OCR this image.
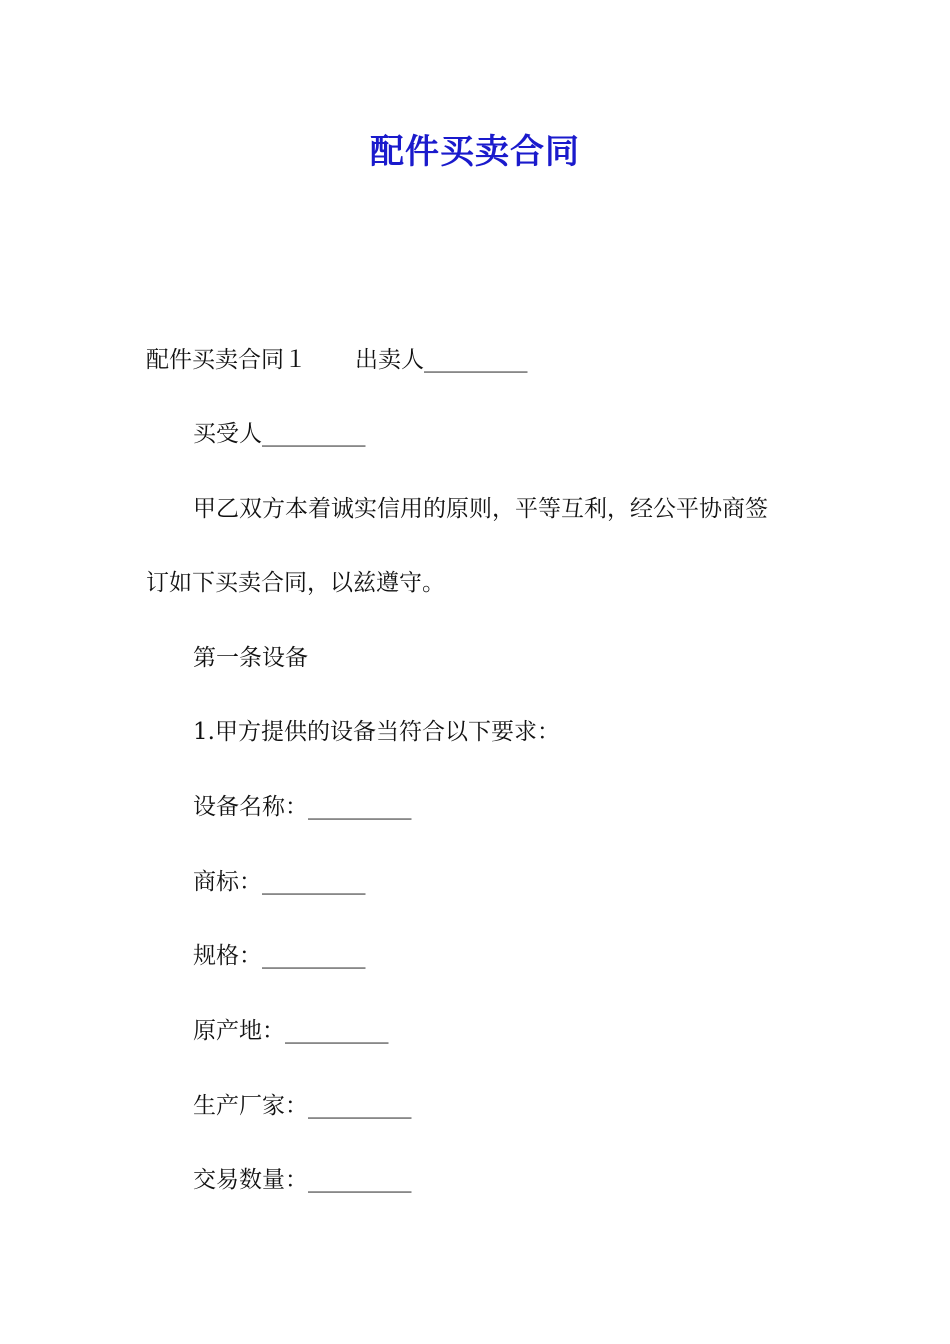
配件买卖合同
配件买卖合同１ 出卖人_________
买受人_________
甲乙双方本着诚实信用的原则，平等互利，经公平协商签
订如下买卖合同，以兹遵守。
第一条设备
1.甲方提供的设备当符合以下要求：
设备名称：_________
商标：_________
规格：_________
原产地：_________
生产厂家：_________
交易数量：_________
